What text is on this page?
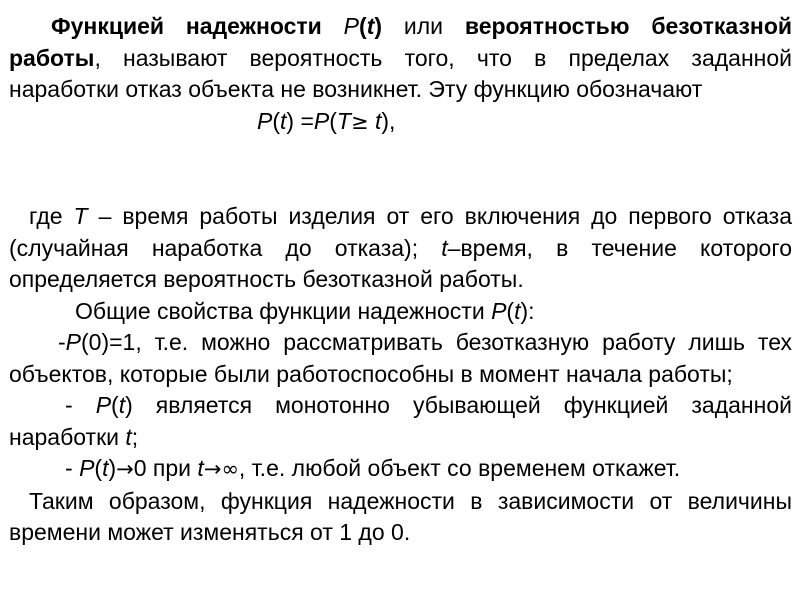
Функцией надежности P(t) или вероятностью безотказной работы, называют вероятность того, что в пределах заданной наработки отказ объекта не возникнет. Эту функцию обозначают

P(t) =P(T≥ t),

где T – время работы изделия от его включения до первого отказа (случайная наработка до отказа); t–время, в течение которого определяется вероятность безотказной работы.

Общие свойства функции надежности P(t):

-P(0)=1, т.е. можно рассматривать безотказную работу лишь тех объектов, которые были работоспособны в момент начала работы;

- P(t) является монотонно убывающей функцией заданной наработки t;

- P(t)→0 при t→∞, т.е. любой объект со временем откажет.

Таким образом, функция надежности в зависимости от величины времени может изменяться от 1 до 0.
